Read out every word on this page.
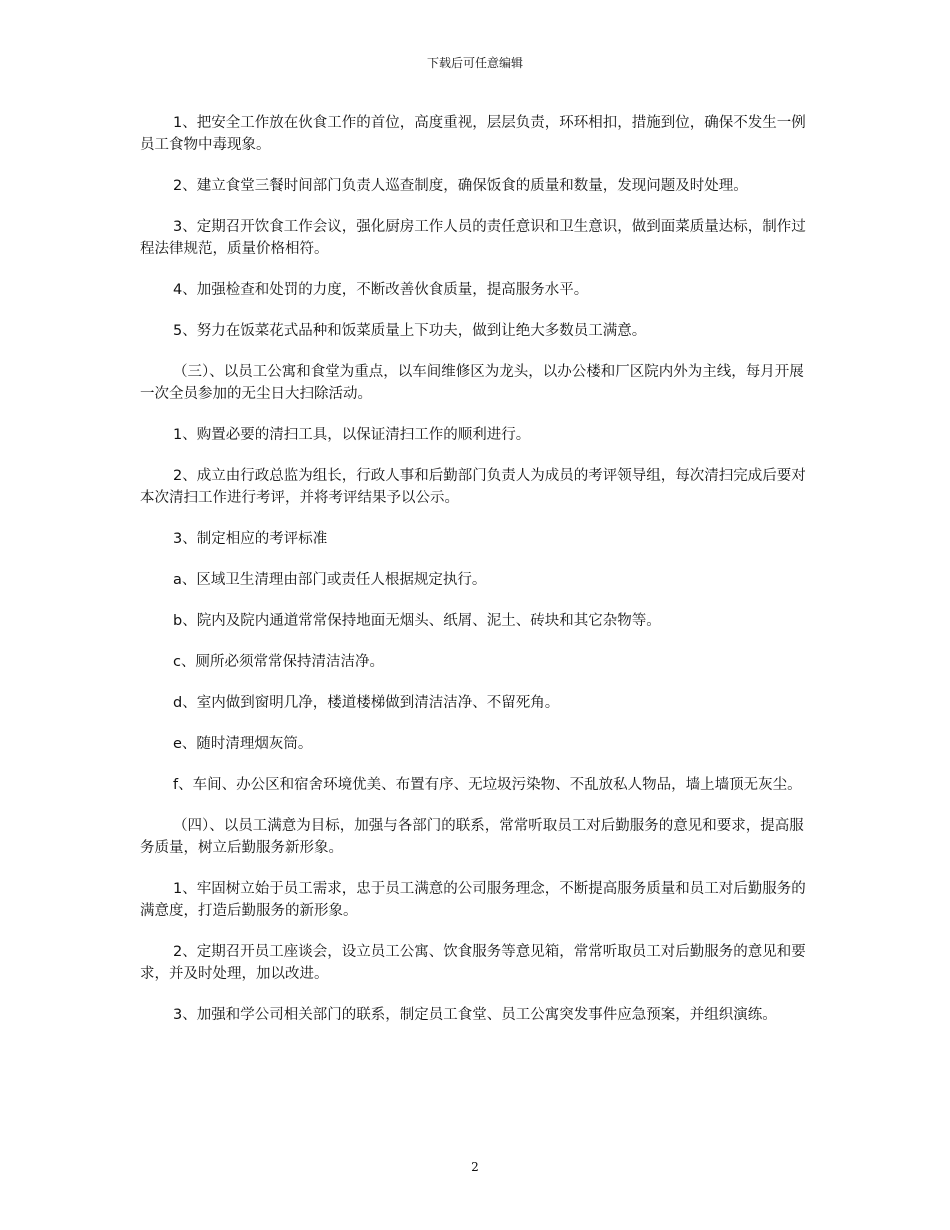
下载后可任意编辑

1、把安全工作放在伙食工作的首位，高度重视，层层负责，环环相扣，措施到位，确保不发生一例员工食物中毒现象。

2、建立食堂三餐时间部门负责人巡查制度，确保饭食的质量和数量，发现问题及时处理。

3、定期召开饮食工作会议，强化厨房工作人员的责任意识和卫生意识，做到面菜质量达标，制作过程法律规范，质量价格相符。

4、加强检查和处罚的力度，不断改善伙食质量，提高服务水平。

5、努力在饭菜花式品种和饭菜质量上下功夫，做到让绝大多数员工满意。

（三）、以员工公寓和食堂为重点，以车间维修区为龙头，以办公楼和厂区院内外为主线，每月开展一次全员参加的无尘日大扫除活动。

1、购置必要的清扫工具，以保证清扫工作的顺利进行。

2、成立由行政总监为组长，行政人事和后勤部门负责人为成员的考评领导组，每次清扫完成后要对本次清扫工作进行考评，并将考评结果予以公示。

3、制定相应的考评标准

a、区域卫生清理由部门或责任人根据规定执行。

b、院内及院内通道常常保持地面无烟头、纸屑、泥土、砖块和其它杂物等。

c、厕所必须常常保持清洁洁净。

d、室内做到窗明几净，楼道楼梯做到清洁洁净、不留死角。

e、随时清理烟灰筒。

f、车间、办公区和宿舍环境优美、布置有序、无垃圾污染物、不乱放私人物品，墙上墙顶无灰尘。

（四）、以员工满意为目标，加强与各部门的联系，常常听取员工对后勤服务的意见和要求，提高服务质量，树立后勤服务新形象。

1、牢固树立始于员工需求，忠于员工满意的公司服务理念，不断提高服务质量和员工对后勤服务的满意度，打造后勤服务的新形象。

2、定期召开员工座谈会，设立员工公寓、饮食服务等意见箱，常常听取员工对后勤服务的意见和要求，并及时处理，加以改进。

3、加强和学公司相关部门的联系，制定员工食堂、员工公寓突发事件应急预案，并组织演练。

2
